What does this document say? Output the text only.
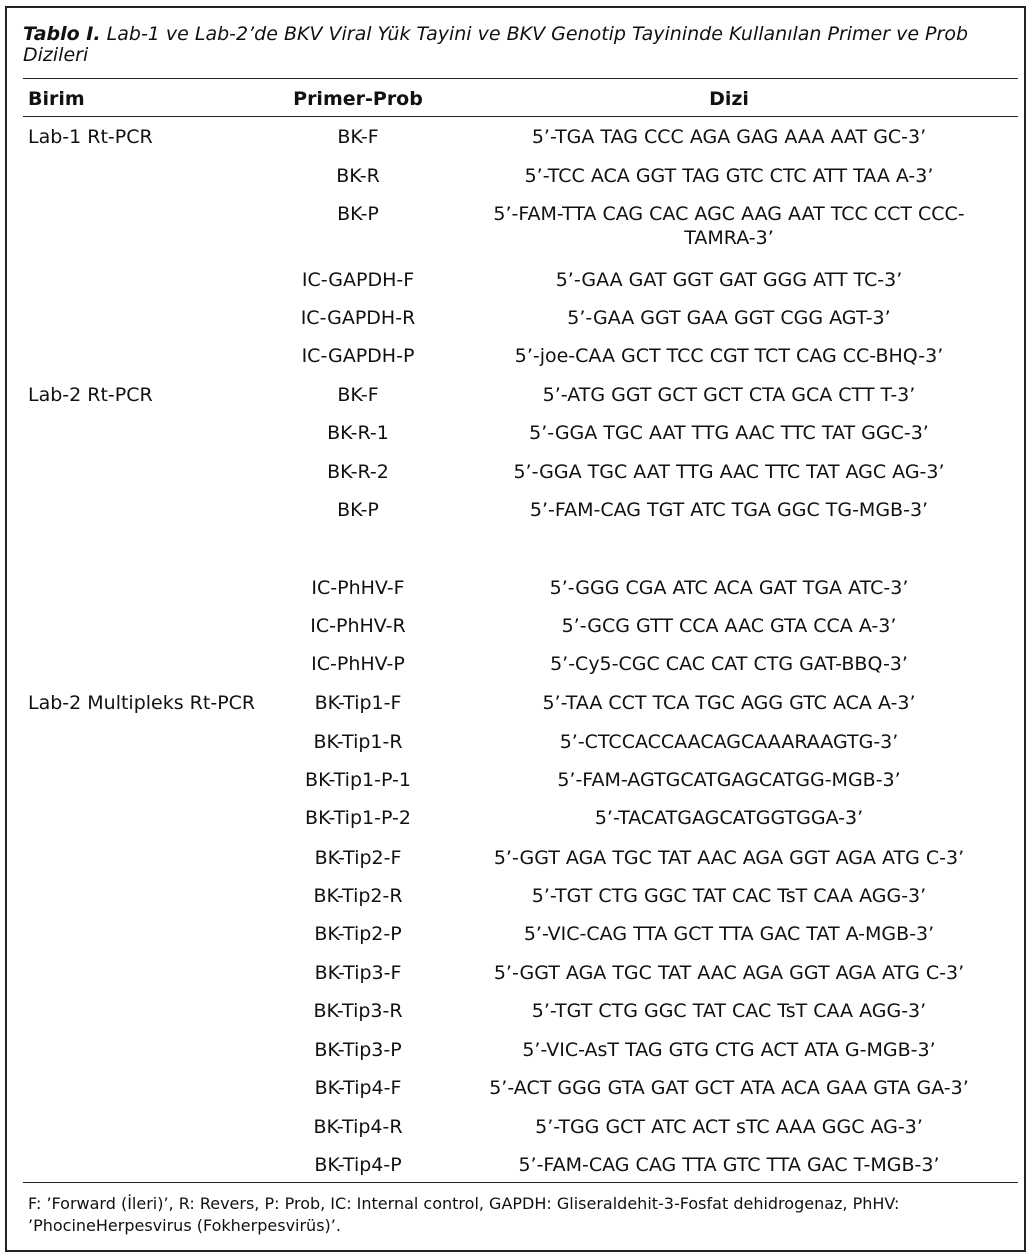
Tablo I. Lab-1 ve Lab-2’de BKV Viral Yük Tayini ve BKV Genotip Tayininde Kullanılan Primer ve Prob Dizileri
Birim	Primer-Prob	Dizi
Lab-1 Rt-PCR	BK-F	5’-TGA TAG CCC AGA GAG AAA AAT GC-3’
BK-R	5’-TCC ACA GGT TAG GTC CTC ATT TAA A-3’
BK-P	5’-FAM-TTA CAG CAC AGC AAG AAT TCC CCT CCC-TAMRA-3’
IC-GAPDH-F	5’-GAA GAT GGT GAT GGG ATT TC-3’
IC-GAPDH-R	5’-GAA GGT GAA GGT CGG AGT-3’
IC-GAPDH-P	5’-joe-CAA GCT TCC CGT TCT CAG CC-BHQ-3’
Lab-2 Rt-PCR	BK-F	5’-ATG GGT GCT GCT CTA GCA CTT T-3’
BK-R-1	5’-GGA TGC AAT TTG AAC TTC TAT GGC-3’
BK-R-2	5’-GGA TGC AAT TTG AAC TTC TAT AGC AG-3’
BK-P	5’-FAM-CAG TGT ATC TGA GGC TG-MGB-3’
IC-PhHV-F	5’-GGG CGA ATC ACA GAT TGA ATC-3’
IC-PhHV-R	5’-GCG GTT CCA AAC GTA CCA A-3’
IC-PhHV-P	5’-Cy5-CGC CAC CAT CTG GAT-BBQ-3’
Lab-2 Multipleks Rt-PCR	BK-Tip1-F	5’-TAA CCT TCA TGC AGG GTC ACA A-3’
BK-Tip1-R	5’-CTCCACCAACAGCAAARAAGTG-3’
BK-Tip1-P-1	5’-FAM-AGTGCATGAGCATGG-MGB-3’
BK-Tip1-P-2	5’-TACATGAGCATGGTGGA-3’
BK-Tip2-F	5’-GGT AGA TGC TAT AAC AGA GGT AGA ATG C-3’
BK-Tip2-R	5’-TGT CTG GGC TAT CAC TsT CAA AGG-3’
BK-Tip2-P	5’-VIC-CAG TTA GCT TTA GAC TAT A-MGB-3’
BK-Tip3-F	5’-GGT AGA TGC TAT AAC AGA GGT AGA ATG C-3’
BK-Tip3-R	5’-TGT CTG GGC TAT CAC TsT CAA AGG-3’
BK-Tip3-P	5’-VIC-AsT TAG GTG CTG ACT ATA G-MGB-3’
BK-Tip4-F	5’-ACT GGG GTA GAT GCT ATA ACA GAA GTA GA-3’
BK-Tip4-R	5’-TGG GCT ATC ACT sTC AAA GGC AG-3’
BK-Tip4-P	5’-FAM-CAG CAG TTA GTC TTA GAC T-MGB-3’
F: ’Forward (İleri)’, R: Revers, P: Prob, IC: Internal control, GAPDH: Gliseraldehit-3-Fosfat dehidrogenaz, PhHV: ’PhocineHerpesvirus (Fokherpesvirüs)’.
